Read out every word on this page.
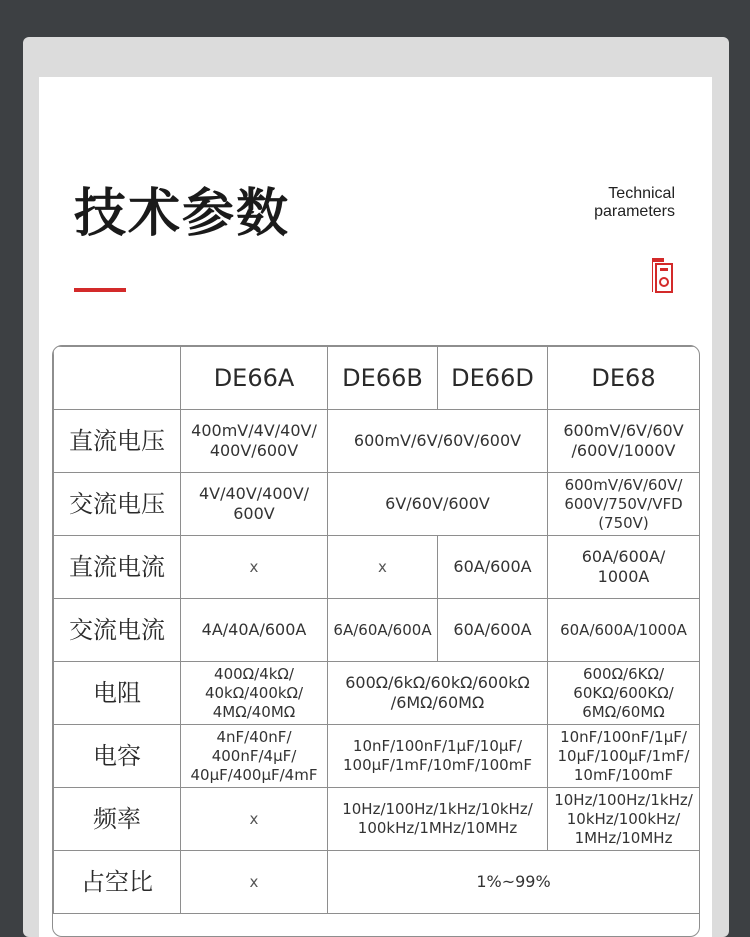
技术参数	Technical
parameters
	DE66A	DE66B	DE66D	DE68
直流电压	400mV/4V/40V/
400V/600V	600mV/6V/60V/600V		600mV/6V/60V
/600V/1000V

交流电压	4V/40V/400V/
600V	6V/60V/600V		600mV/6V/60V/
600V/750V/VFD
(750V)

直流电流	x	x	60A/600A	60A/600A/
1000A

交流电流	4A/40A/600A	6A/60A/600A	60A/600A	60A/600A/1000A
电阻	400Ω/4kΩ/
40kΩ/400kΩ/
4MΩ/40MΩ	600Ω/6kΩ/60kΩ/600kΩ
/6MΩ/60MΩ		600Ω/6KΩ/
60KΩ/600KΩ/
6MΩ/60MΩ

电容	4nF/40nF/
400nF/4μF/
40μF/400μF/4mF	10nF/100nF/1μF/10μF/
100μF/1mF/10mF/100mF		10nF/100nF/1μF/
10μF/100μF/1mF/
10mF/100mF

频率	x	10Hz/100Hz/1kHz/10kHz/
100kHz/1MHz/10MHz		10Hz/100Hz/1kHz/
10kHz/100kHz/
1MHz/10MHz

占空比	x	1%~99%		
